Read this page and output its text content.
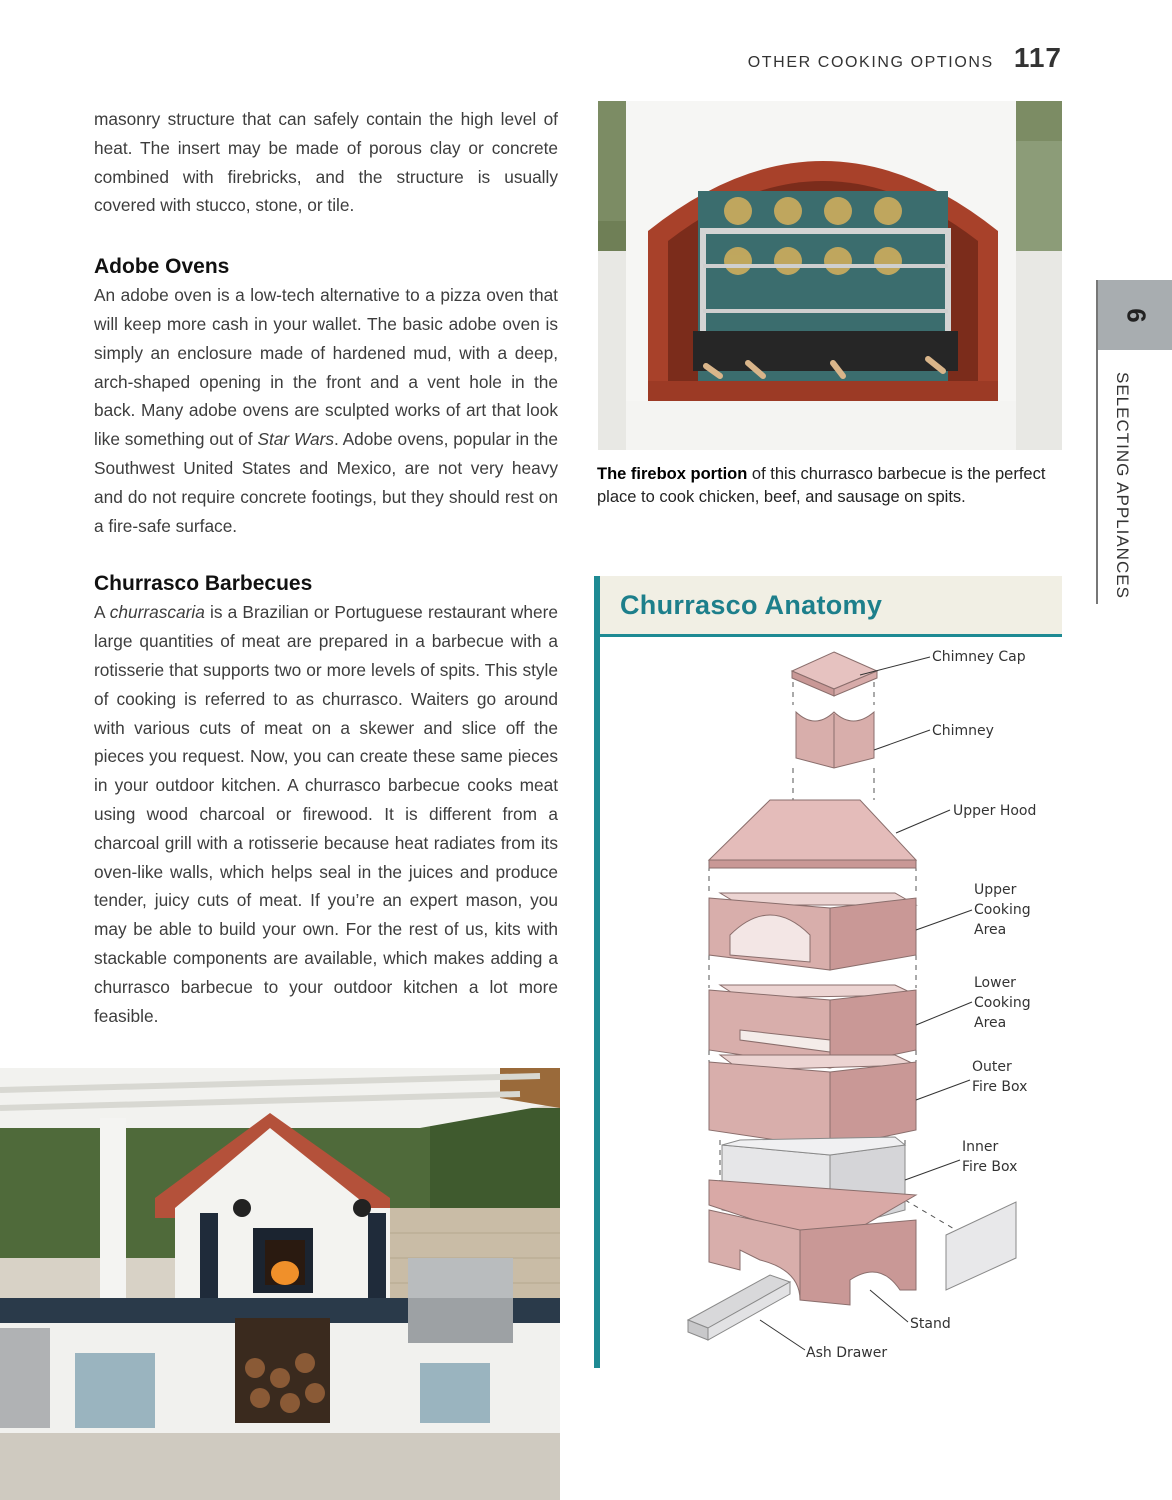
OTHER COOKING OPTIONS 117
6
SELECTING APPLIANCES

masonry structure that can safely contain the high level of heat. The insert may be made of porous clay or concrete combined with firebricks, and the structure is usually covered with stucco, stone, or tile.

Adobe Ovens

An adobe oven is a low-tech alternative to a pizza oven that will keep more cash in your wallet. The basic adobe oven is simply an enclosure made of hardened mud, with a deep, arch-shaped opening in the front and a vent hole in the back. Many adobe ovens are sculpted works of art that look like something out of Star Wars. Adobe ovens, popular in the Southwest United States and Mexico, are not very heavy and do not require concrete footings, but they should rest on a fire-safe surface.

Churrasco Barbecues

A churrascaria is a Brazilian or Portuguese restaurant where large quantities of meat are prepared in a barbecue with a rotisserie that supports two or more levels of spits. This style of cooking is referred to as churrasco. Waiters go around with various cuts of meat on a skewer and slice off the pieces you request. Now, you can create these same pieces in your outdoor kitchen. A churrasco barbecue cooks meat using wood charcoal or firewood. It is different from a charcoal grill with a rotisserie because heat radiates from its oven-like walls, which helps seal in the juices and produce tender, juicy cuts of meat. If you’re an expert mason, you may be able to build your own. For the rest of us, kits with stackable components are available, which makes adding a churrasco barbecue to your outdoor kitchen a lot more feasible.

The firebox portion of this churrasco barbecue is the perfect place to cook chicken, beef, and sausage on spits.
Churrasco Anatomy
Chimney Cap
Chimney
Upper Hood
Upper
Cooking
Area
Lower
Cooking
Area
Outer
Fire Box
Inner
Fire Box
Stand
Ash Drawer
